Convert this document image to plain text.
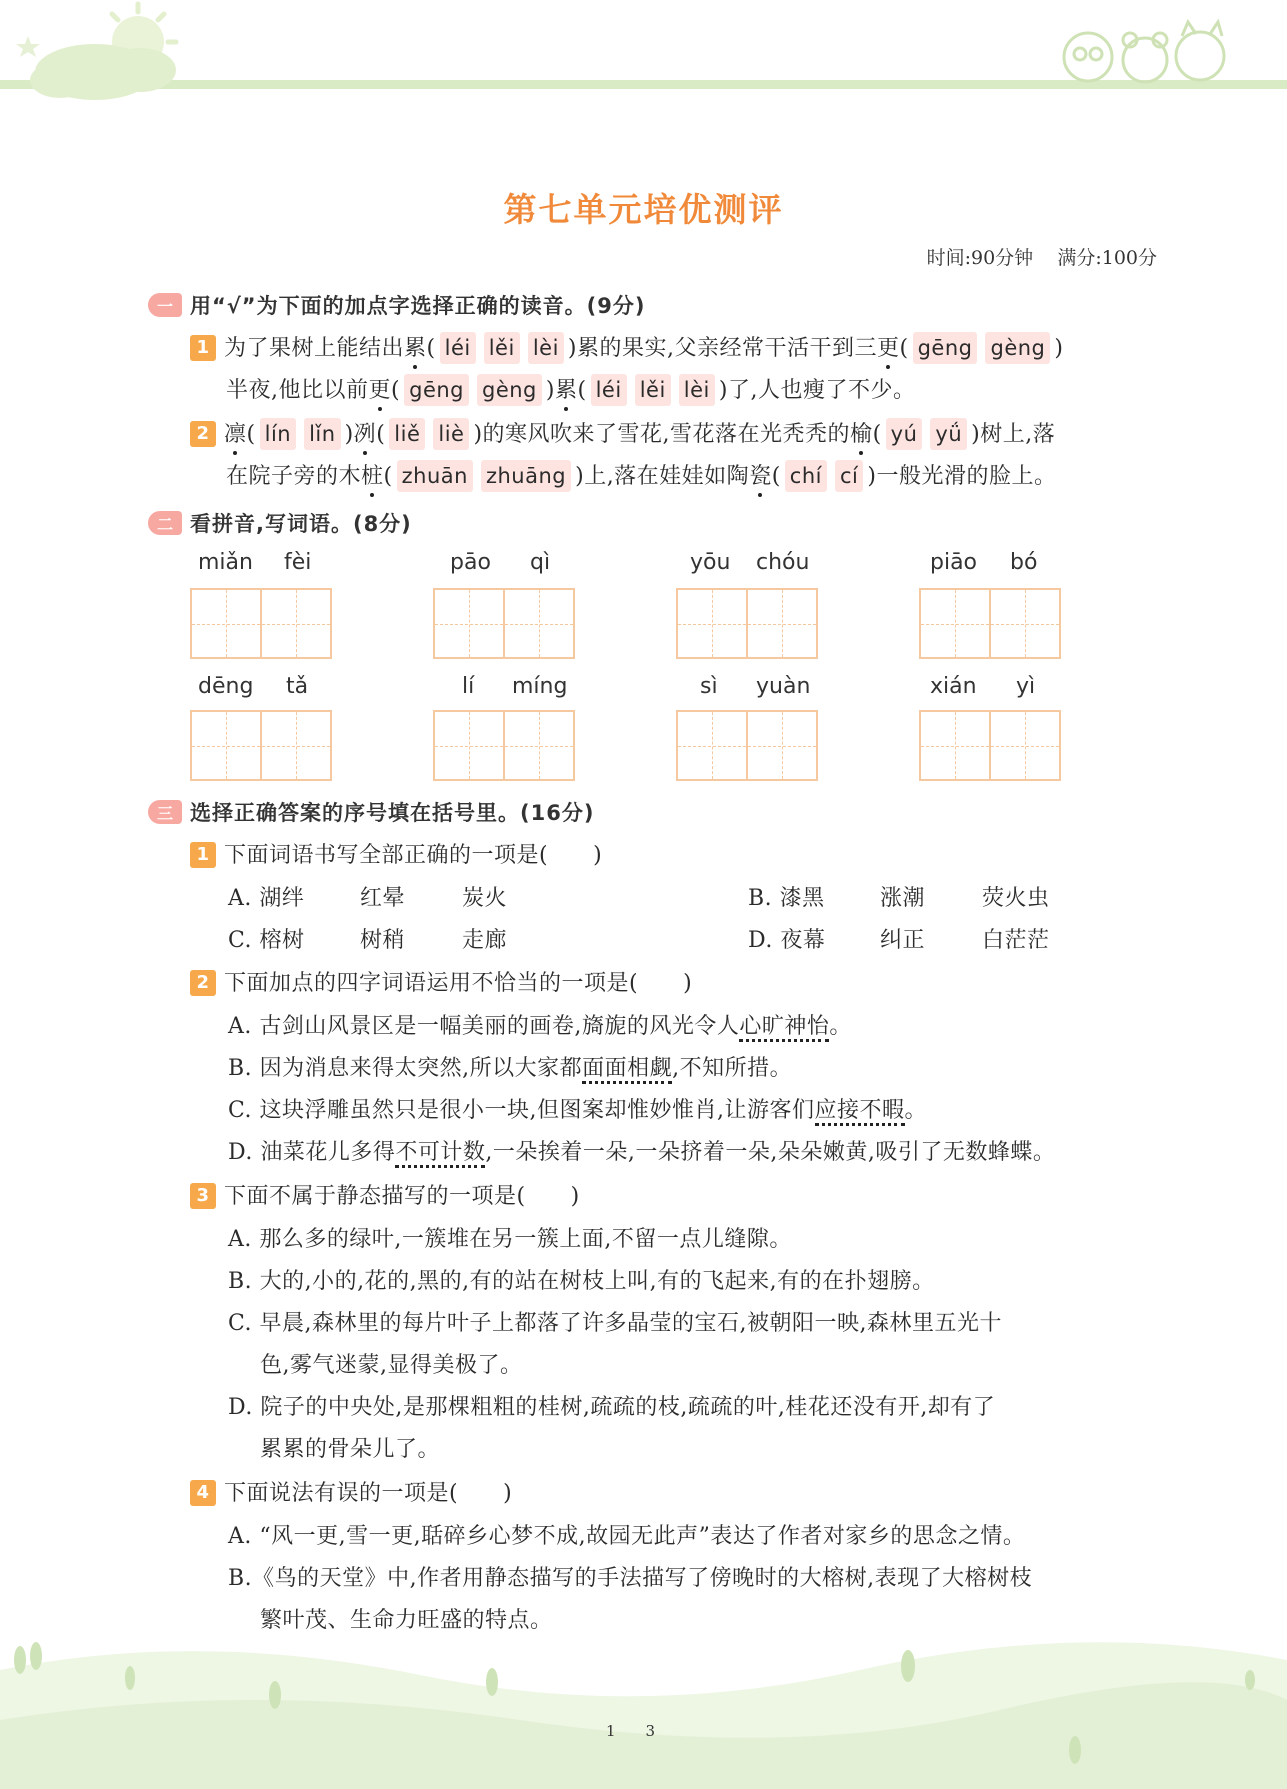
第七单元培优测评
时间:90分钟    满分:100分
一 用“√”为下面的加点字选择正确的读音。(9分)
1 为了果树上能结出累( léi lěi lèi )累的果实,父亲经常干活干到三更( gēng gèng )
半夜,他比以前更( gēng gèng )累( léi lěi lèi )了,人也瘦了不少。
2 凛( lín lǐn )冽( liě liè )的寒风吹来了雪花,雪花落在光秃秃的榆( yú yǘ )树上,落
在院子旁的木桩( zhuān zhuāng )上,落在娃娃如陶瓷( chí cí )一般光滑的脸上。
二 看拼音,写词语。(8分)
miǎn fèi	pāo qì	yōu chóu	piāo bó
dēng tǎ	lí míng	sì yuàn	xián yì
三 选择正确答案的序号填在括号里。(16分)
1 下面词语书写全部正确的一项是(　　)
A. 湖绊	红晕	炭火	B. 漆黑	涨潮	荧火虫
C. 榕树	树稍	走廊	D. 夜幕 纠正	白茫茫
2 下面加点的四字词语运用不恰当的一项是(　　)
A. 古剑山风景区是一幅美丽的画卷,旖旎的风光令人心旷神怡。
B. 因为消息来得太突然,所以大家都面面相觑,不知所措。
C. 这块浮雕虽然只是很小一块,但图案却惟妙惟肖,让游客们应接不暇。
D. 油菜花儿多得不可计数,一朵挨着一朵,一朵挤着一朵,朵朵嫩黄,吸引了无数蜂蝶。
3 下面不属于静态描写的一项是(　　)
A. 那么多的绿叶,一簇堆在另一簇上面,不留一点儿缝隙。
B. 大的,小的,花的,黑的,有的站在树枝上叫,有的飞起来,有的在扑翅膀。
C. 早晨,森林里的每片叶子上都落了许多晶莹的宝石,被朝阳一映,森林里五光十
色,雾气迷蒙,显得美极了。
D. 院子的中央处,是那棵粗粗的桂树,疏疏的枝,疏疏的叶,桂花还没有开,却有了
累累的骨朵儿了。
4 下面说法有误的一项是(　　)
A. “风一更,雪一更,聒碎乡心梦不成,故园无此声”表达了作者对家乡的思念之情。
B.《鸟的天堂》中,作者用静态描写的手法描写了傍晚时的大榕树,表现了大榕树枝
繁叶茂、生命力旺盛的特点。
1　　3
